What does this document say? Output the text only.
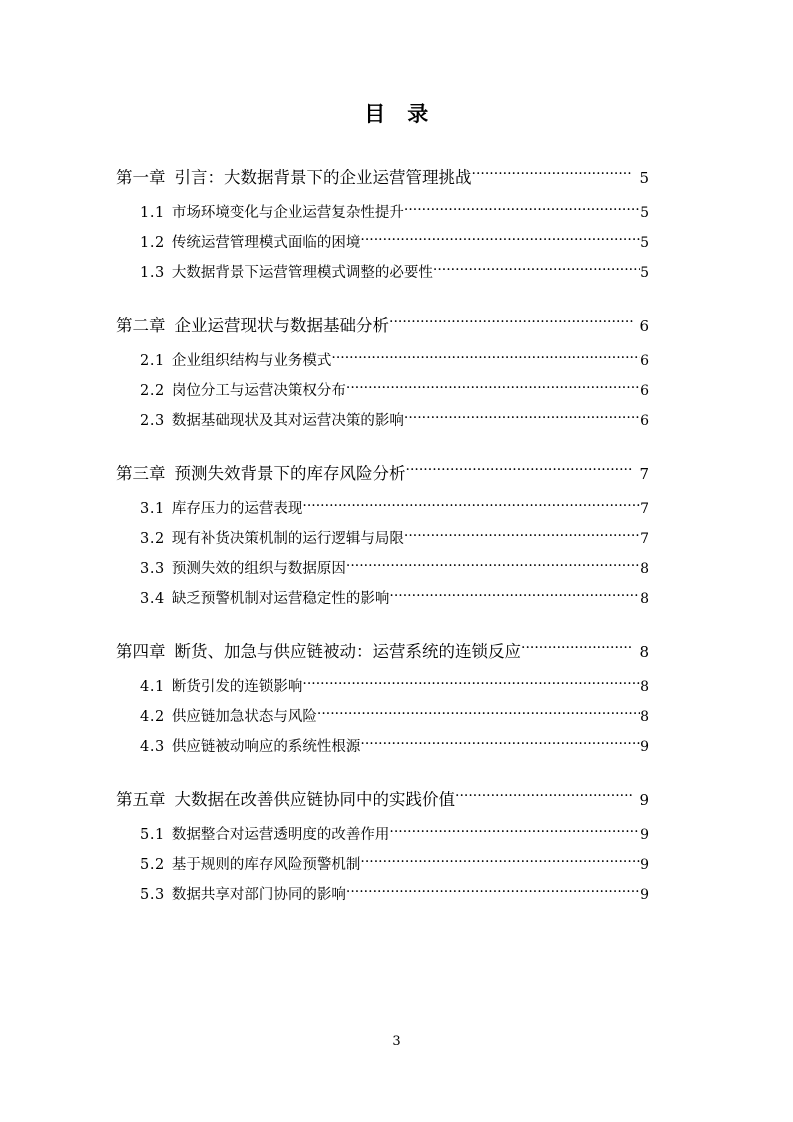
目　录
第一章 引言：大数据背景下的企业运营管理挑战 ·····	5
1.1 市场环境变化与企业运营复杂性提升 ·····	5
1.2 传统运营管理模式面临的困境 ·····	5
1.3 大数据背景下运营管理模式调整的必要性 ·····	5
第二章 企业运营现状与数据基础分析 ·····	6
2.1 企业组织结构与业务模式 ·····	6
2.2 岗位分工与运营决策权分布 ·····	6
2.3 数据基础现状及其对运营决策的影响 ·····	6
第三章 预测失效背景下的库存风险分析 ·····	7
3.1 库存压力的运营表现 ·····	7
3.2 现有补货决策机制的运行逻辑与局限 ·····	7
3.3 预测失效的组织与数据原因 ·····	8
3.4 缺乏预警机制对运营稳定性的影响 ·····	8
第四章 断货、加急与供应链被动：运营系统的连锁反应 ·····	8
4.1 断货引发的连锁影响 ·····	8
4.2 供应链加急状态与风险 ·····	8
4.3 供应链被动响应的系统性根源 ·····	9
第五章 大数据在改善供应链协同中的实践价值 ·····	9
5.1 数据整合对运营透明度的改善作用 ·····	9
5.2 基于规则的库存风险预警机制 ·····	9
5.3 数据共享对部门协同的影响 ·····	9
3
